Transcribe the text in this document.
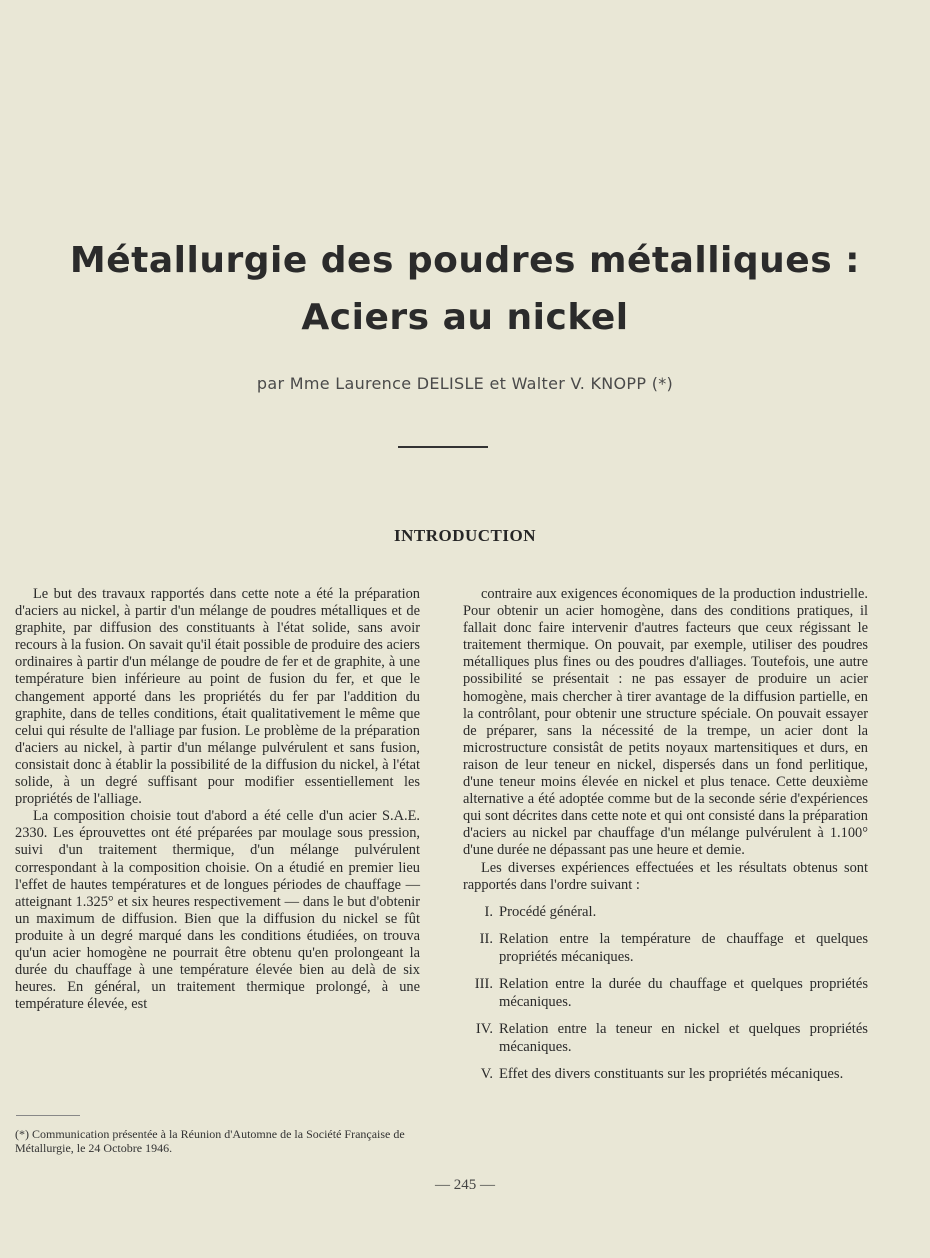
Métallurgie des poudres métalliques :
Aciers au nickel
par Mme Laurence DELISLE et Walter V. KNOPP (*)
INTRODUCTION

Le but des travaux rapportés dans cette note a été la préparation d'aciers au nickel, à partir d'un mélange de poudres métalliques et de graphite, par diffusion des constituants à l'état solide, sans avoir recours à la fusion. On savait qu'il était possible de produire des aciers ordinaires à partir d'un mélange de poudre de fer et de graphite, à une température bien inférieure au point de fusion du fer, et que le changement apporté dans les propriétés du fer par l'addition du graphite, dans de telles conditions, était qualitativement le même que celui qui résulte de l'alliage par fusion. Le problème de la préparation d'aciers au nickel, à partir d'un mélange pulvérulent et sans fusion, consistait donc à établir la possibilité de la diffusion du nickel, à l'état solide, à un degré suffisant pour modifier essentiellement les propriétés de l'alliage.

La composition choisie tout d'abord a été celle d'un acier S.A.E. 2330. Les éprouvettes ont été préparées par moulage sous pression, suivi d'un traitement thermique, d'un mélange pulvérulent correspondant à la composition choisie. On a étudié en premier lieu l'effet de hautes températures et de longues périodes de chauffage — atteignant 1.325° et six heures respectivement — dans le but d'obtenir un maximum de diffusion. Bien que la diffusion du nickel se fût produite à un degré marqué dans les conditions étudiées, on trouva qu'un acier homogène ne pourrait être obtenu qu'en prolongeant la durée du chauffage à une température élevée bien au delà de six heures. En général, un traitement thermique prolongé, à une température élevée, est

contraire aux exigences économiques de la production industrielle. Pour obtenir un acier homogène, dans des conditions pratiques, il fallait donc faire intervenir d'autres facteurs que ceux régissant le traitement thermique. On pouvait, par exemple, utiliser des poudres métalliques plus fines ou des poudres d'alliages. Toutefois, une autre possibilité se présentait : ne pas essayer de produire un acier homogène, mais chercher à tirer avantage de la diffusion partielle, en la contrôlant, pour obtenir une structure spéciale. On pouvait essayer de préparer, sans la nécessité de la trempe, un acier dont la microstructure consistât de petits noyaux martensitiques et durs, en raison de leur teneur en nickel, dispersés dans un fond perlitique, d'une teneur moins élevée en nickel et plus tenace. Cette deuxième alternative a été adoptée comme but de la seconde série d'expériences qui sont décrites dans cette note et qui ont consisté dans la préparation d'aciers au nickel par chauffage d'un mélange pulvérulent à 1.100° d'une durée ne dépassant pas une heure et demie.

Les diverses expériences effectuées et les résultats obtenus sont rapportés dans l'ordre suivant :

I. Procédé général.
II. Relation entre la température de chauffage et quelques propriétés mécaniques.
III. Relation entre la durée du chauffage et quelques propriétés mécaniques.
IV. Relation entre la teneur en nickel et quelques propriétés mécaniques.
V. Effet des divers constituants sur les propriétés mécaniques.
(*) Communication présentée à la Réunion d'Automne de la Société Française de Métallurgie, le 24 Octobre 1946.
— 245 —
